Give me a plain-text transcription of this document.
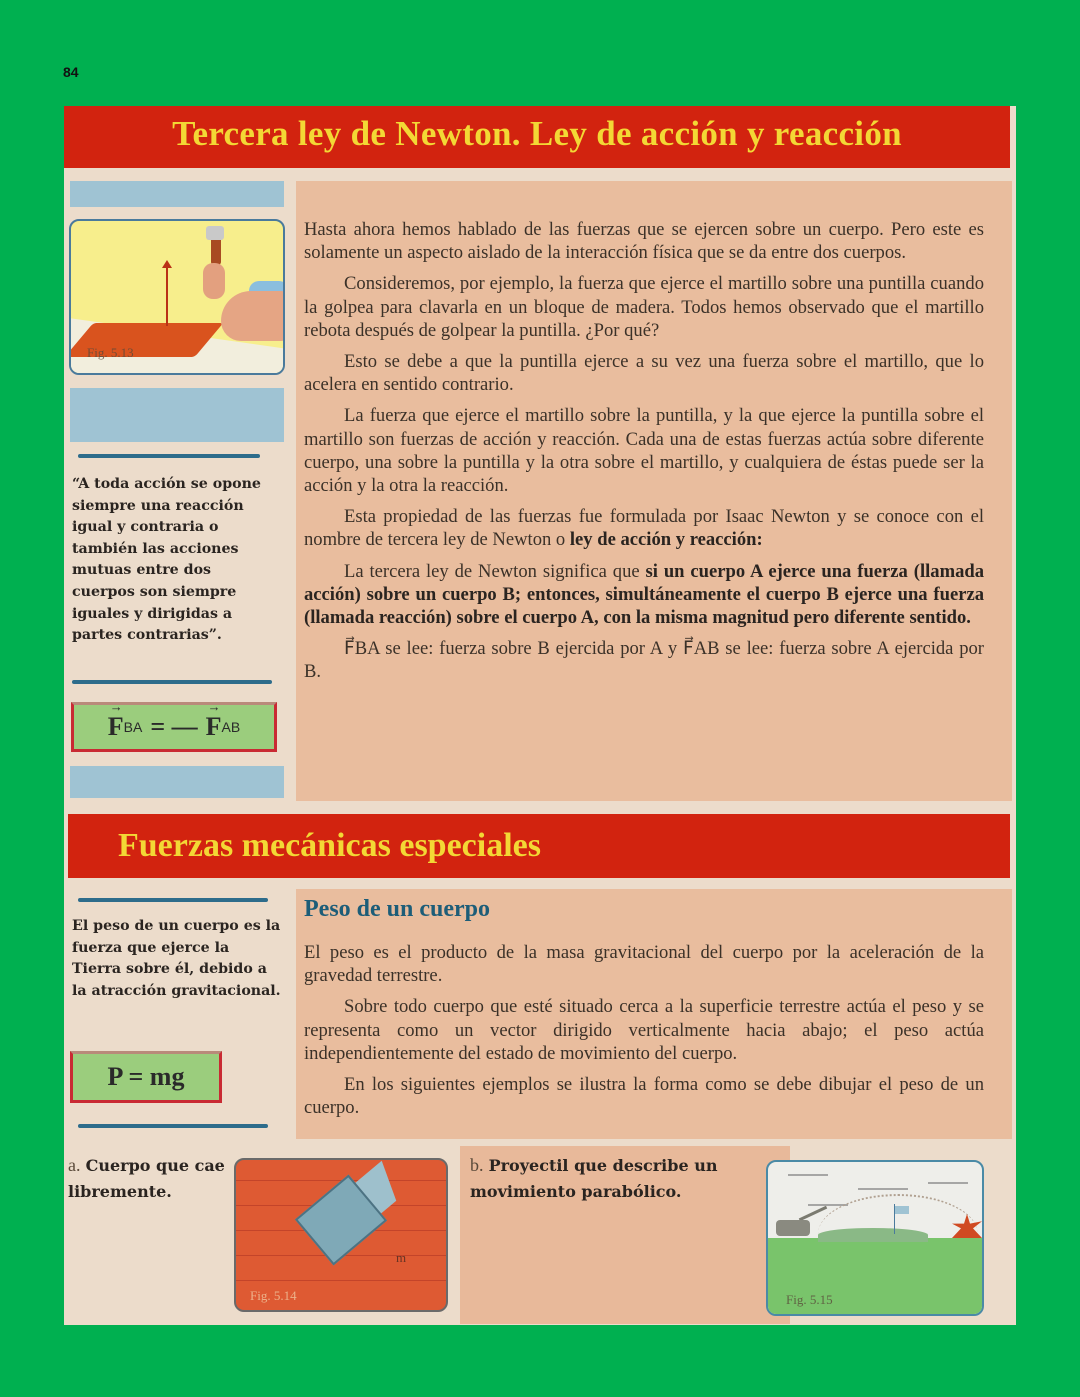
84
Tercera ley de Newton. Ley de acción y reacción
Fig. 5.13
“A toda acción se opone siempre una reacción igual y contraria o también las acciones mutuas entre dos cuerpos son siempre iguales y dirigidas a partes contrarias”.
→ F BA = — → F AB

Hasta ahora hemos hablado de las fuerzas que se ejercen sobre un cuerpo. Pero este es solamente un aspecto aislado de la interacción física que se da entre dos cuerpos.

Consideremos, por ejemplo, la fuerza que ejerce el martillo sobre una puntilla cuando la golpea para clavarla en un bloque de madera. Todos hemos observado que el martillo rebota después de golpear la puntilla. ¿Por qué?

Esto se debe a que la puntilla ejerce a su vez una fuerza sobre el martillo, que lo acelera en sentido contrario.

La fuerza que ejerce el martillo sobre la puntilla, y la que ejerce la puntilla sobre el martillo son fuerzas de acción y reacción. Cada una de estas fuerzas actúa sobre diferente cuerpo, una sobre la puntilla y la otra sobre el martillo, y cualquiera de éstas puede ser la acción y la otra la reacción.

Esta propiedad de las fuerzas fue formulada por Isaac Newton y se conoce con el nombre de tercera ley de Newton o ley de acción y reacción:

La tercera ley de Newton significa que si un cuerpo A ejerce una fuerza (llamada acción) sobre un cuerpo B; entonces, simultáneamente el cuerpo B ejerce una fuerza (llamada reacción) sobre el cuerpo A, con la misma magnitud pero diferente sentido.

F⃗BA se lee: fuerza sobre B ejercida por A y F⃗AB se lee: fuerza sobre A ejercida por B.

Fuerzas mecánicas especiales
El peso de un cuerpo es la fuerza que ejerce la Tierra sobre él, debido a la atracción gravitacional.
P = mg
Peso de un cuerpo

El peso es el producto de la masa gravitacional del cuerpo por la aceleración de la gravedad terrestre.

Sobre todo cuerpo que esté situado cerca a la superficie terrestre actúa el peso y se representa como un vector dirigido verticalmente hacia abajo; el peso actúa independientemente del estado de movimiento del cuerpo.

En los siguientes ejemplos se ilustra la forma como se debe dibujar el peso de un cuerpo.

a. Cuerpo que cae libremente.
m
Fig. 5.14
b. Proyectil que describe un movimiento parabólico.
Fig. 5.15
